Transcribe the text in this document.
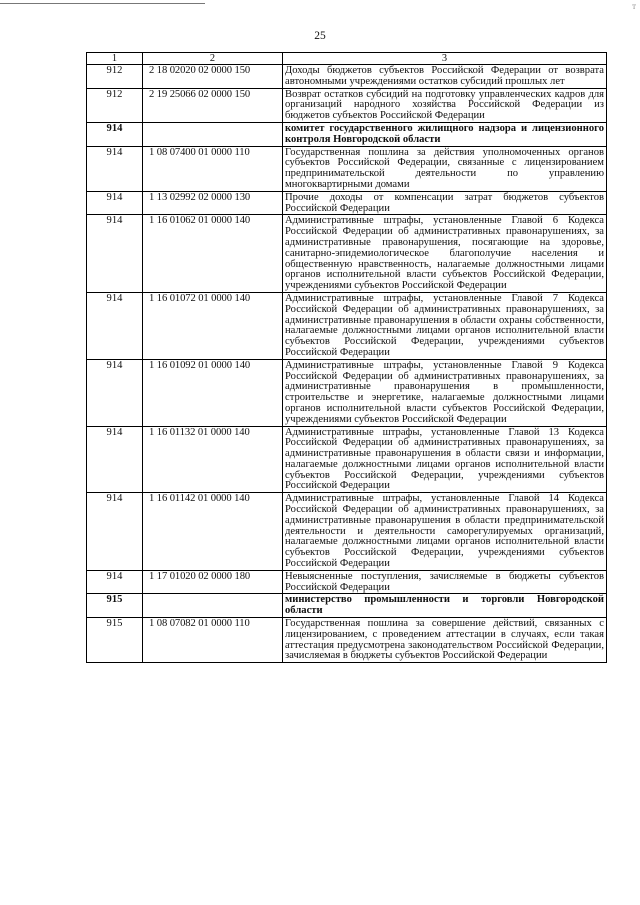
т
25
1	2	3
912	2 18 02020 02 0000 150	Доходы бюджетов субъектов Российской Федерации от возврата автономными учреждениями остатков субсидий прошлых лет
912	2 19 25066 02 0000 150	Возврат остатков субсидий на подготовку управленческих кадров для организаций народного хозяйства Российской Федерации из бюджетов субъектов Российской Федерации
914		комитет государственного жилищного надзора и лицензионного контроля Новгородской области
914	1 08 07400 01 0000 110	Государственная пошлина за действия уполномоченных органов субъектов Российской Федерации, связанные с лицензированием предпринимательской деятельности по управлению многоквартирными домами
914	1 13 02992 02 0000 130	Прочие доходы от компенсации затрат бюджетов субъектов Российской Федерации
914	1 16 01062 01 0000 140	Административные штрафы, установленные Главой 6 Кодекса Российской Федерации об административных правонарушениях, за административные правонарушения, посягающие на здоровье, санитарно-эпидемиологическое благополучие населения и общественную нравственность, налагаемые должностными лицами органов исполнительной власти субъектов Российской Федерации, учреждениями субъектов Российской Федерации
914	1 16 01072 01 0000 140	Административные штрафы, установленные Главой 7 Кодекса Российской Федерации об административных правонарушениях, за административные правонарушения в области охраны собственности, налагаемые должностными лицами органов исполнительной власти субъектов Российской Федерации, учреждениями субъектов Российской Федерации
914	1 16 01092 01 0000 140	Административные штрафы, установленные Главой 9 Кодекса Российской Федерации об административных правонарушениях, за административные правонарушения в промышленности, строительстве и энергетике, налагаемые должностными лицами органов исполнительной власти субъектов Российской Федерации, учреждениями субъектов Российской Федерации
914	1 16 01132 01 0000 140	Административные штрафы, установленные Главой 13 Кодекса Российской Федерации об административных правонарушениях, за административные правонарушения в области связи и информации, налагаемые должностными лицами органов исполнительной власти субъектов Российской Федерации, учреждениями субъектов Российской Федерации
914	1 16 01142 01 0000 140	Административные штрафы, установленные Главой 14 Кодекса Российской Федерации об административных правонарушениях, за административные правонарушения в области предпринимательской деятельности и деятельности саморегулируемых организаций, налагаемые должностными лицами органов исполнительной власти субъектов Российской Федерации, учреждениями субъектов Российской Федерации
914	1 17 01020 02 0000 180	Невыясненные поступления, зачисляемые в бюджеты субъектов Российской Федерации
915		министерство промышленности и торговли Новгородской области
915	1 08 07082 01 0000 110	Государственная пошлина за совершение действий, связанных с лицензированием, с проведением аттестации в случаях, если такая аттестация предусмотрена законодательством Российской Федерации, зачисляемая в бюджеты субъектов Российской Федерации
